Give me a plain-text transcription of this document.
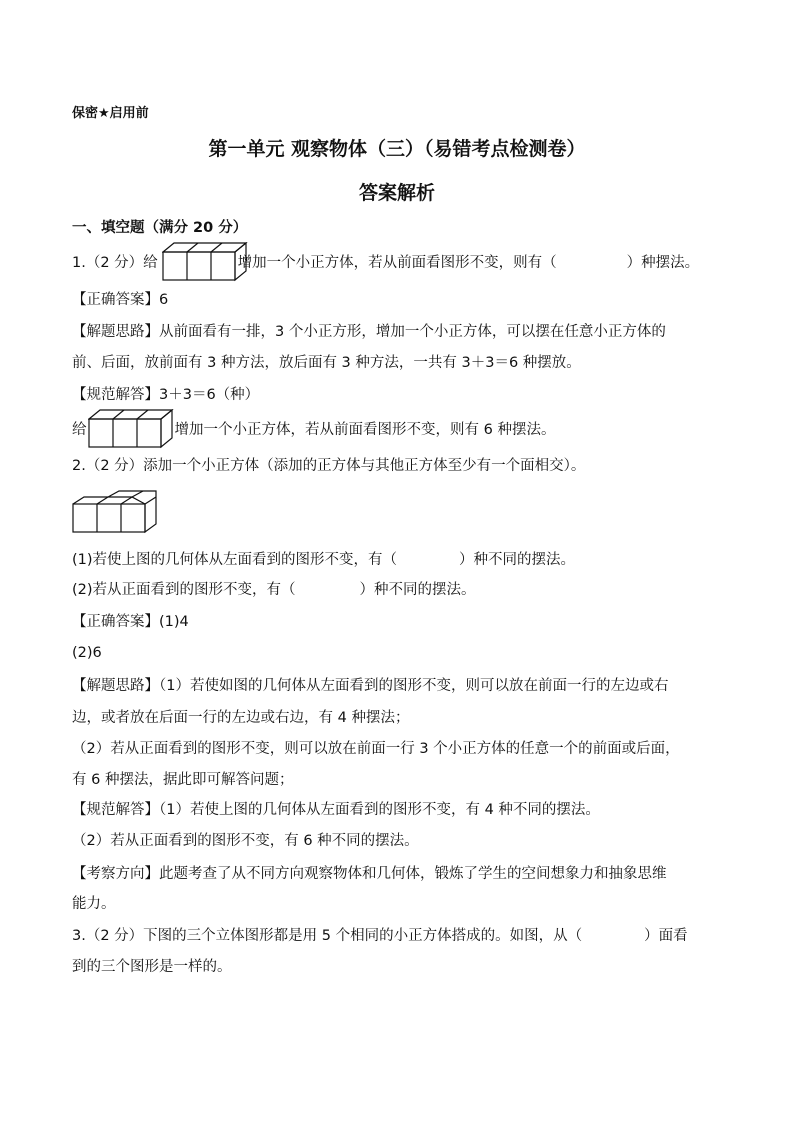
保密★启用前
第一单元 观察物体（三）（易错考点检测卷）
答案解析
一、填空题（满分 20 分）
1.（2 分）给	增加一个小正方体，若从前面看图形不变，则有（	）种摆法。
【正确答案】6
【解题思路】从前面看有一排，3 个小正方形，增加一个小正方体，可以摆在任意小正方体的
前、后面，放前面有 3 种方法，放后面有 3 种方法，一共有 3＋3＝6 种摆放。
【规范解答】3＋3＝6（种）
给	增加一个小正方体，若从前面看图形不变，则有 6 种摆法。
2.（2 分）添加一个小正方体（添加的正方体与其他正方体至少有一个面相交）。
(1)若使上图的几何体从左面看到的图形不变，有（	）种不同的摆法。
(2)若从正面看到的图形不变，有（	）种不同的摆法。
【正确答案】(1)4
(2)6
【解题思路】（1）若使如图的几何体从左面看到的图形不变，则可以放在前面一行的左边或右
边，或者放在后面一行的左边或右边，有 4 种摆法；
（2）若从正面看到的图形不变，则可以放在前面一行 3 个小正方体的任意一个的前面或后面，
有 6 种摆法，据此即可解答问题；
【规范解答】（1）若使上图的几何体从左面看到的图形不变，有 4 种不同的摆法。
（2）若从正面看到的图形不变，有 6 种不同的摆法。
【考察方向】此题考查了从不同方向观察物体和几何体，锻炼了学生的空间想象力和抽象思维
能力。
3.（2 分）下图的三个立体图形都是用 5 个相同的小正方体搭成的。如图，从（	）面看
到的三个图形是一样的。
